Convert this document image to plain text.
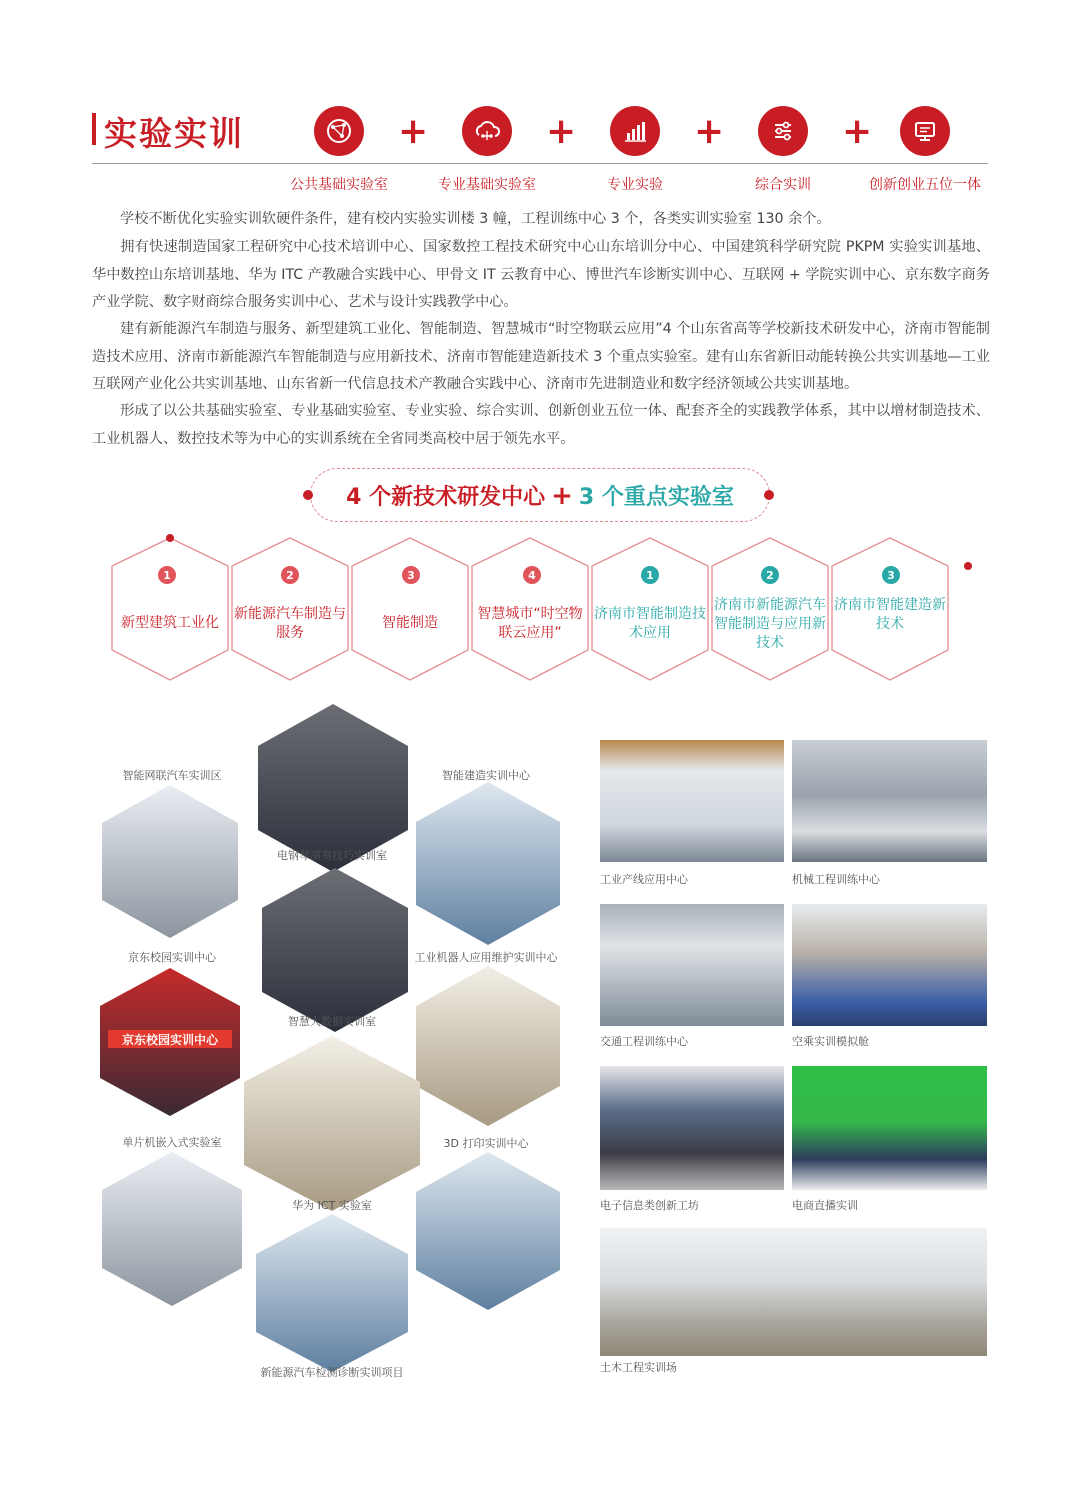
实验实训	+	+	+	+
公共基础实验室	专业基础实验室	专业实验	综合实训	创新创业五位一体
学校不断优化实验实训软硬件条件，建有校内实验实训楼 3 幢，工程训练中心 3 个，各类实训实验室 130 余个。
拥有快速制造国家工程研究中心技术培训中心、国家数控工程技术研究中心山东培训分中心、中国建筑科学研究院 PKPM 实验实训基地、华中数控山东培训基地、华为 ITC 产教融合实践中心、甲骨文 IT 云教育中心、博世汽车诊断实训中心、互联网 + 学院实训中心、京东数字商务产业学院、数字财商综合服务实训中心、艺术与设计实践教学中心。
建有新能源汽车制造与服务、新型建筑工业化、智能制造、智慧城市“时空物联云应用”4 个山东省高等学校新技术研发中心，济南市智能制造技术应用、济南市新能源汽车智能制造与应用新技术、济南市智能建造新技术 3 个重点实验室。建有山东省新旧动能转换公共实训基地—工业互联网产业化公共实训基地、山东省新一代信息技术产教融合实践中心、济南市先进制造业和数字经济领域公共实训基地。
形成了以公共基础实验室、专业基础实验室、专业实验、综合实训、创新创业五位一体、配套齐全的实践教学体系，其中以增材制造技术、工业机器人、数控技术等为中心的实训系统在全省同类高校中居于领先水平。
4 个新技术研发中心 + 3 个重点实验室
1
新型建筑工业化
2
新能源汽车制造与服务
3
智能制造
4
智慧城市“时空物联云应用”
1
济南市智能制造技术应用
2
济南市新能源汽车智能制造与应用新技术
3
济南市智能建造新技术
京东校园实训中心
智能网联汽车实训区
电钢琴演奏技巧实训室
智能建造实训中心
京东校园实训中心
智慧大数据实训室
工业机器人应用维护实训中心
单片机嵌入式实验室
华为 ICT 实验室
3D 打印实训中心
新能源汽车检测诊断实训项目
工业产线应用中心	机械工程训练中心
交通工程训练中心	空乘实训模拟舱
电子信息类创新工坊	电商直播实训
土木工程实训场
